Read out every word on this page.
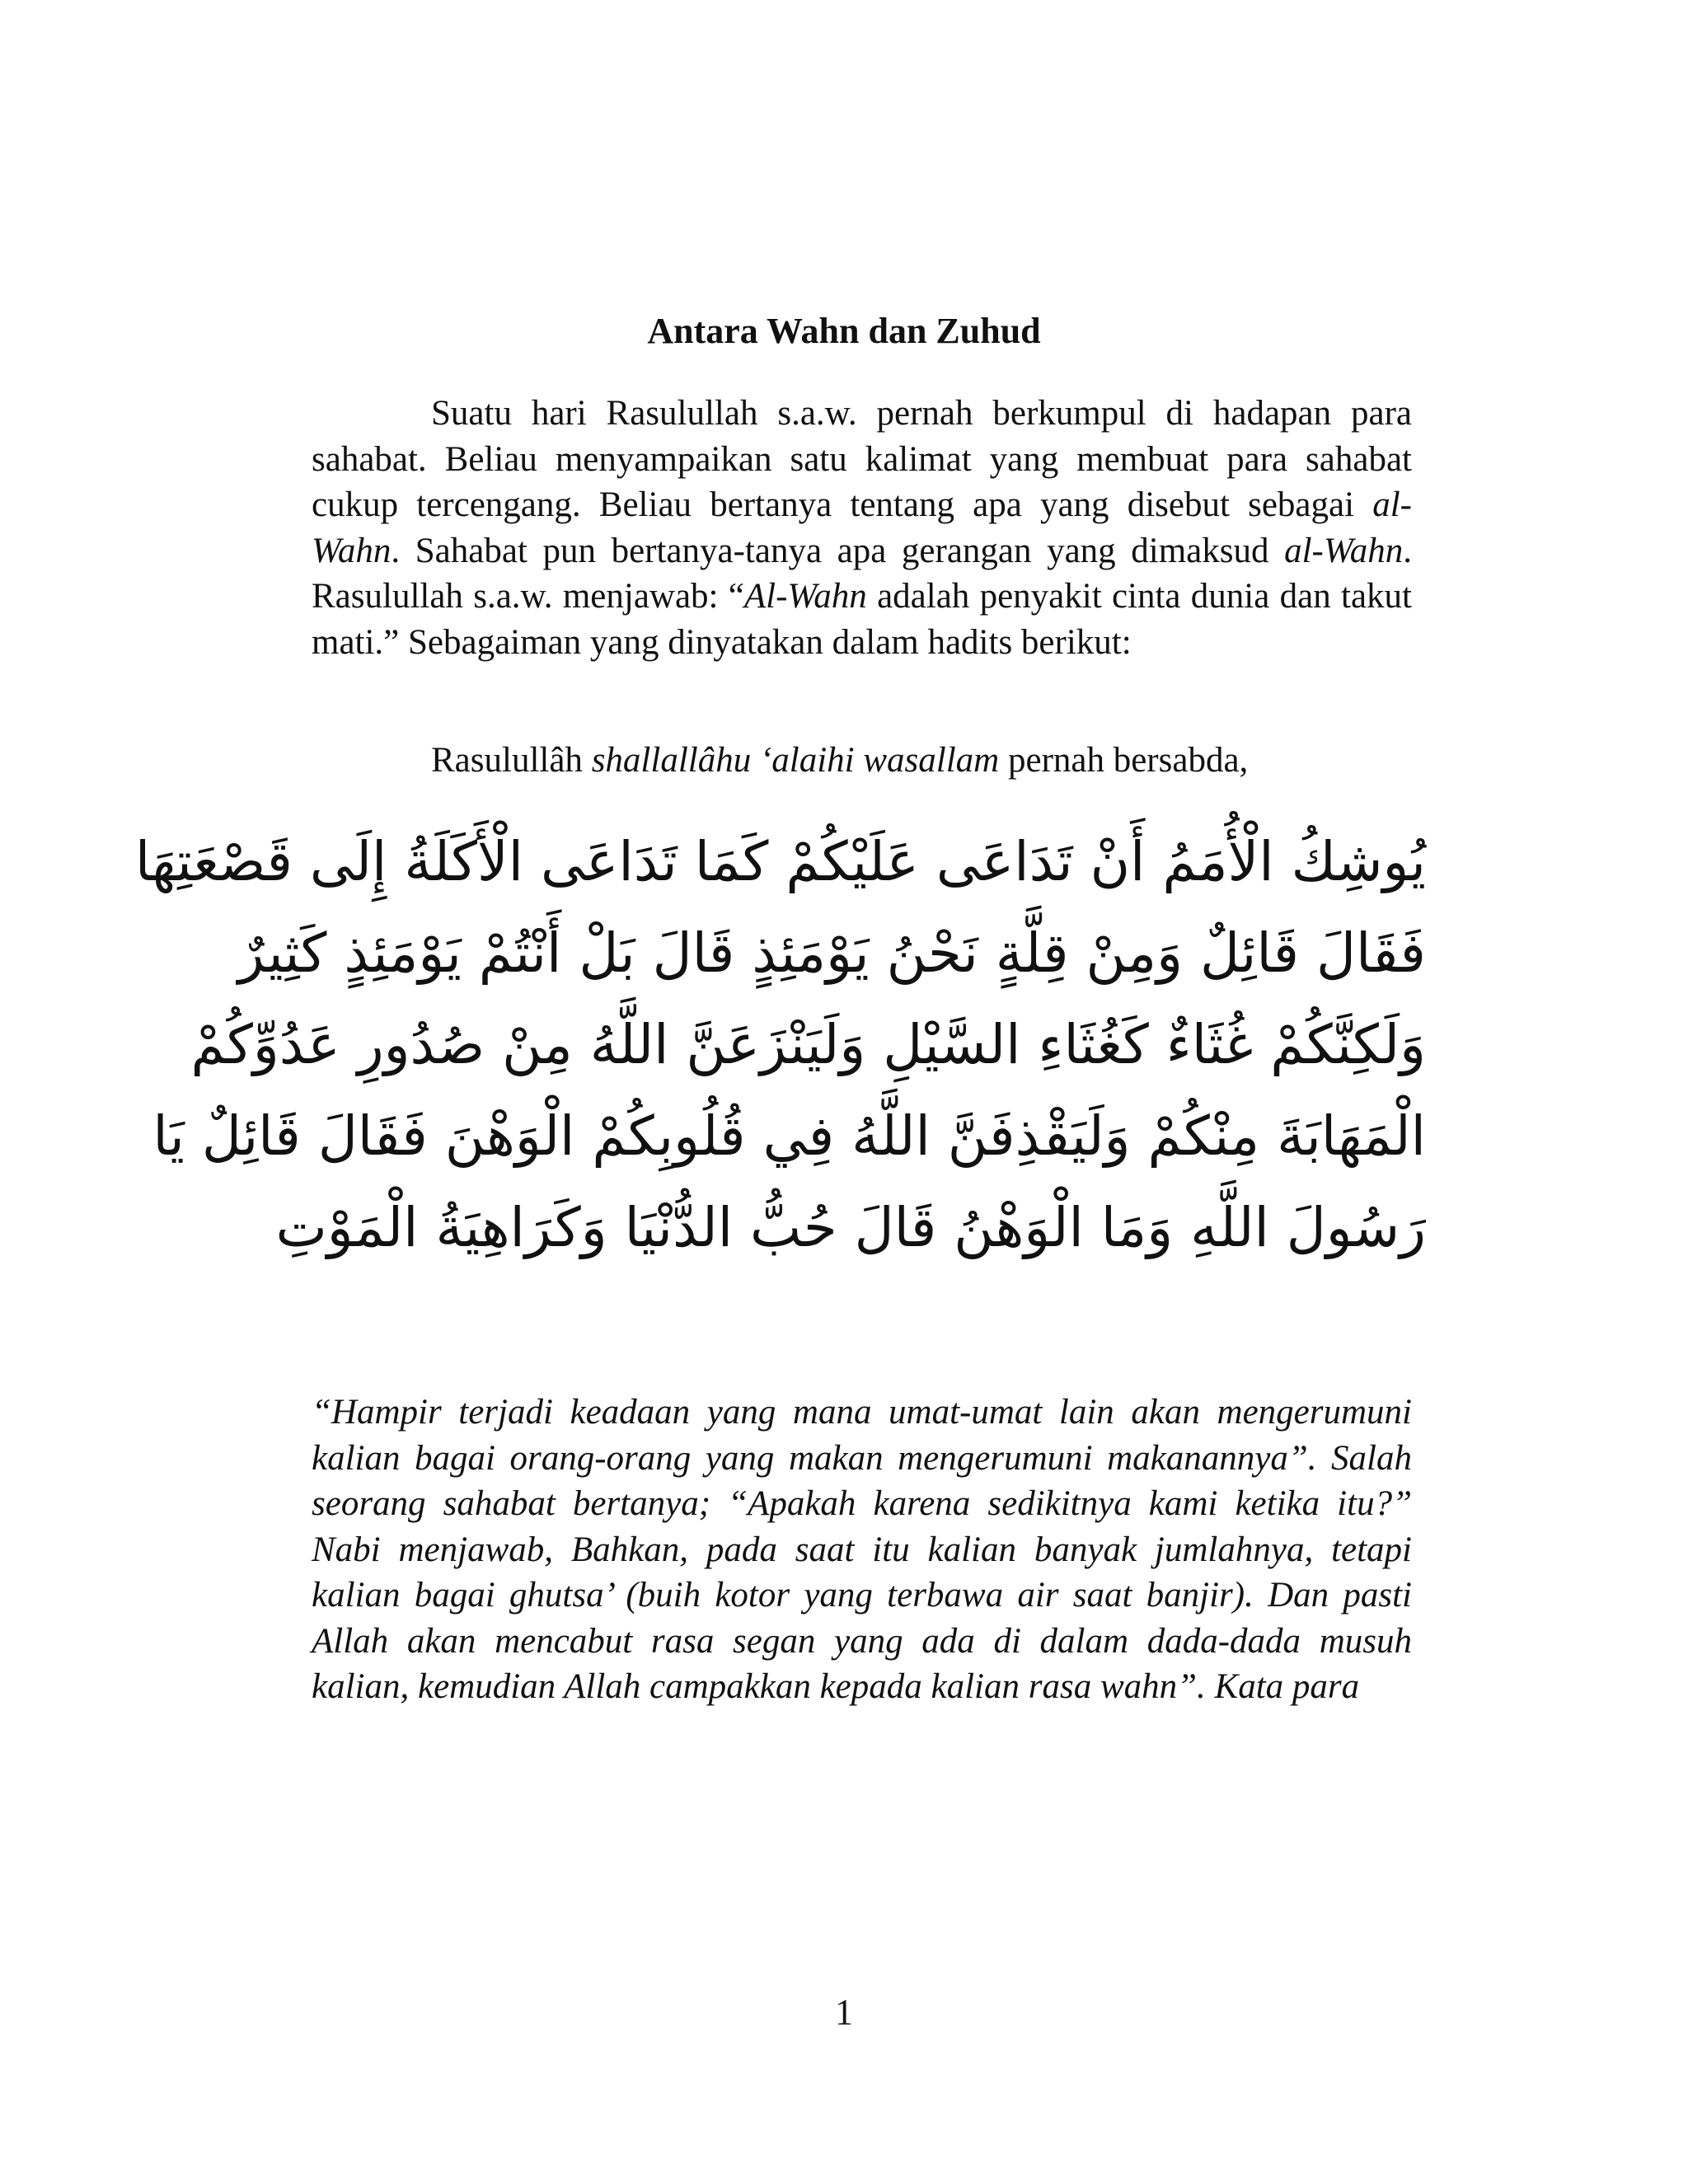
Antara Wahn dan Zuhud

Suatu hari Rasulullah s.a.w. pernah berkumpul di hadapan para sahabat. Beliau menyampaikan satu kalimat yang membuat para sahabat cukup tercengang. Beliau bertanya tentang apa yang disebut sebagai al-Wahn. Sahabat pun bertanya-tanya apa gerangan yang dimaksud al-Wahn. Rasulullah s.a.w. menjawab: “Al-Wahn adalah penyakit cinta dunia dan takut mati.” Sebagaiman yang dinyatakan dalam hadits berikut:

Rasulullâh shallallâhu ‘alaihi wasallam pernah bersabda,

يُوشِكُ الْأُمَمُ أَنْ تَدَاعَى عَلَيْكُمْ كَمَا تَدَاعَى الْأَكَلَةُ إِلَى قَصْعَتِهَا
فَقَالَ قَائِلٌ وَمِنْ قِلَّةٍ نَحْنُ يَوْمَئِذٍ قَالَ بَلْ أَنْتُمْ يَوْمَئِذٍ كَثِيرٌ
وَلَكِنَّكُمْ غُثَاءٌ كَغُثَاءِ السَّيْلِ وَلَيَنْزَعَنَّ اللَّهُ مِنْ صُدُورِ عَدُوِّكُمْ
الْمَهَابَةَ مِنْكُمْ وَلَيَقْذِفَنَّ اللَّهُ فِي قُلُوبِكُمْ الْوَهْنَ فَقَالَ قَائِلٌ يَا
رَسُولَ اللَّهِ وَمَا الْوَهْنُ قَالَ حُبُّ الدُّنْيَا وَكَرَاهِيَةُ الْمَوْتِ

“Hampir terjadi keadaan yang mana umat-umat lain akan mengerumuni kalian bagai orang-orang yang makan mengerumuni makanannya”. Salah seorang sahabat bertanya; “Apakah karena sedikitnya kami ketika itu?” Nabi menjawab, Bahkan, pada saat itu kalian banyak jumlahnya, tetapi kalian bagai ghutsa’ (buih kotor yang terbawa air saat banjir). Dan pasti Allah akan mencabut rasa segan yang ada di dalam dada-dada musuh kalian, kemudian Allah campakkan kepada kalian rasa wahn”. Kata para

1
